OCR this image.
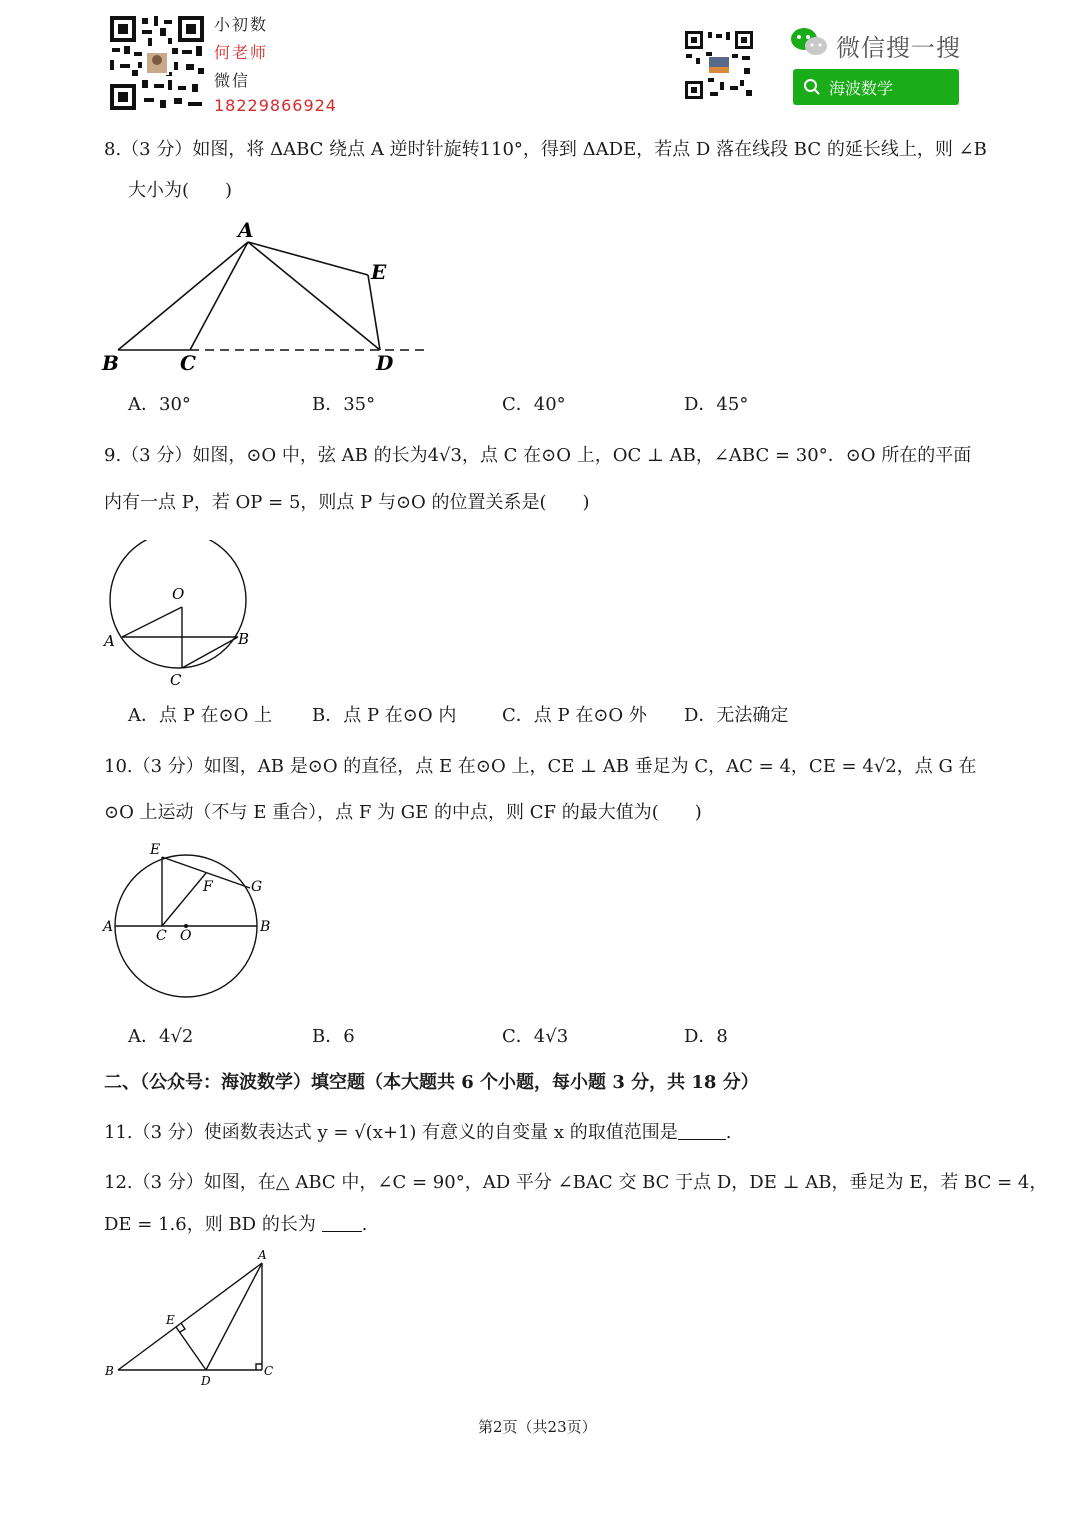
小初数
何老师
微信
18229866924
微信搜一搜
海波数学
8.（3 分）如图，将 ΔABC 绕点 A 逆时针旋转110°，得到 ΔADE，若点 D 落在线段 BC 的延长线上，则 ∠B
大小为(　　)
A
E
B	C	D
A．30°	B．35°	C．40°	D．45°
9.（3 分）如图，⊙O 中，弦 AB 的长为4√3，点 C 在⊙O 上，OC ⊥ AB，∠ABC = 30°．⊙O 所在的平面
内有一点 P，若 OP = 5，则点 P 与⊙O 的位置关系是(　　)
O
A	B
C
A．点 P 在⊙O 上 B．点 P 在⊙O 内	C．点 P 在⊙O 外 D．无法确定
10.（3 分）如图，AB 是⊙O 的直径，点 E 在⊙O 上，CE ⊥ AB 垂足为 C，AC = 4，CE = 4√2，点 G 在
⊙O 上运动（不与 E 重合），点 F 为 GE 的中点，则 CF 的最大值为(　　)
E
F	G
A
C O
B
A．4√2	B．6	C．4√3	D．8
二、（公众号：海波数学）填空题（本大题共 6 个小题，每小题 3 分，共 18 分）
11.（3 分）使函数表达式 y = √(x+1) 有意义的自变量 x 的取值范围是	.
12.（3 分）如图，在△ ABC 中，∠C = 90°，AD 平分 ∠BAC 交 BC 于点 D，DE ⊥ AB，垂足为 E，若 BC = 4，
DE = 1.6，则 BD 的长为	.
A
E
B
D
C
第2页（共23页）
